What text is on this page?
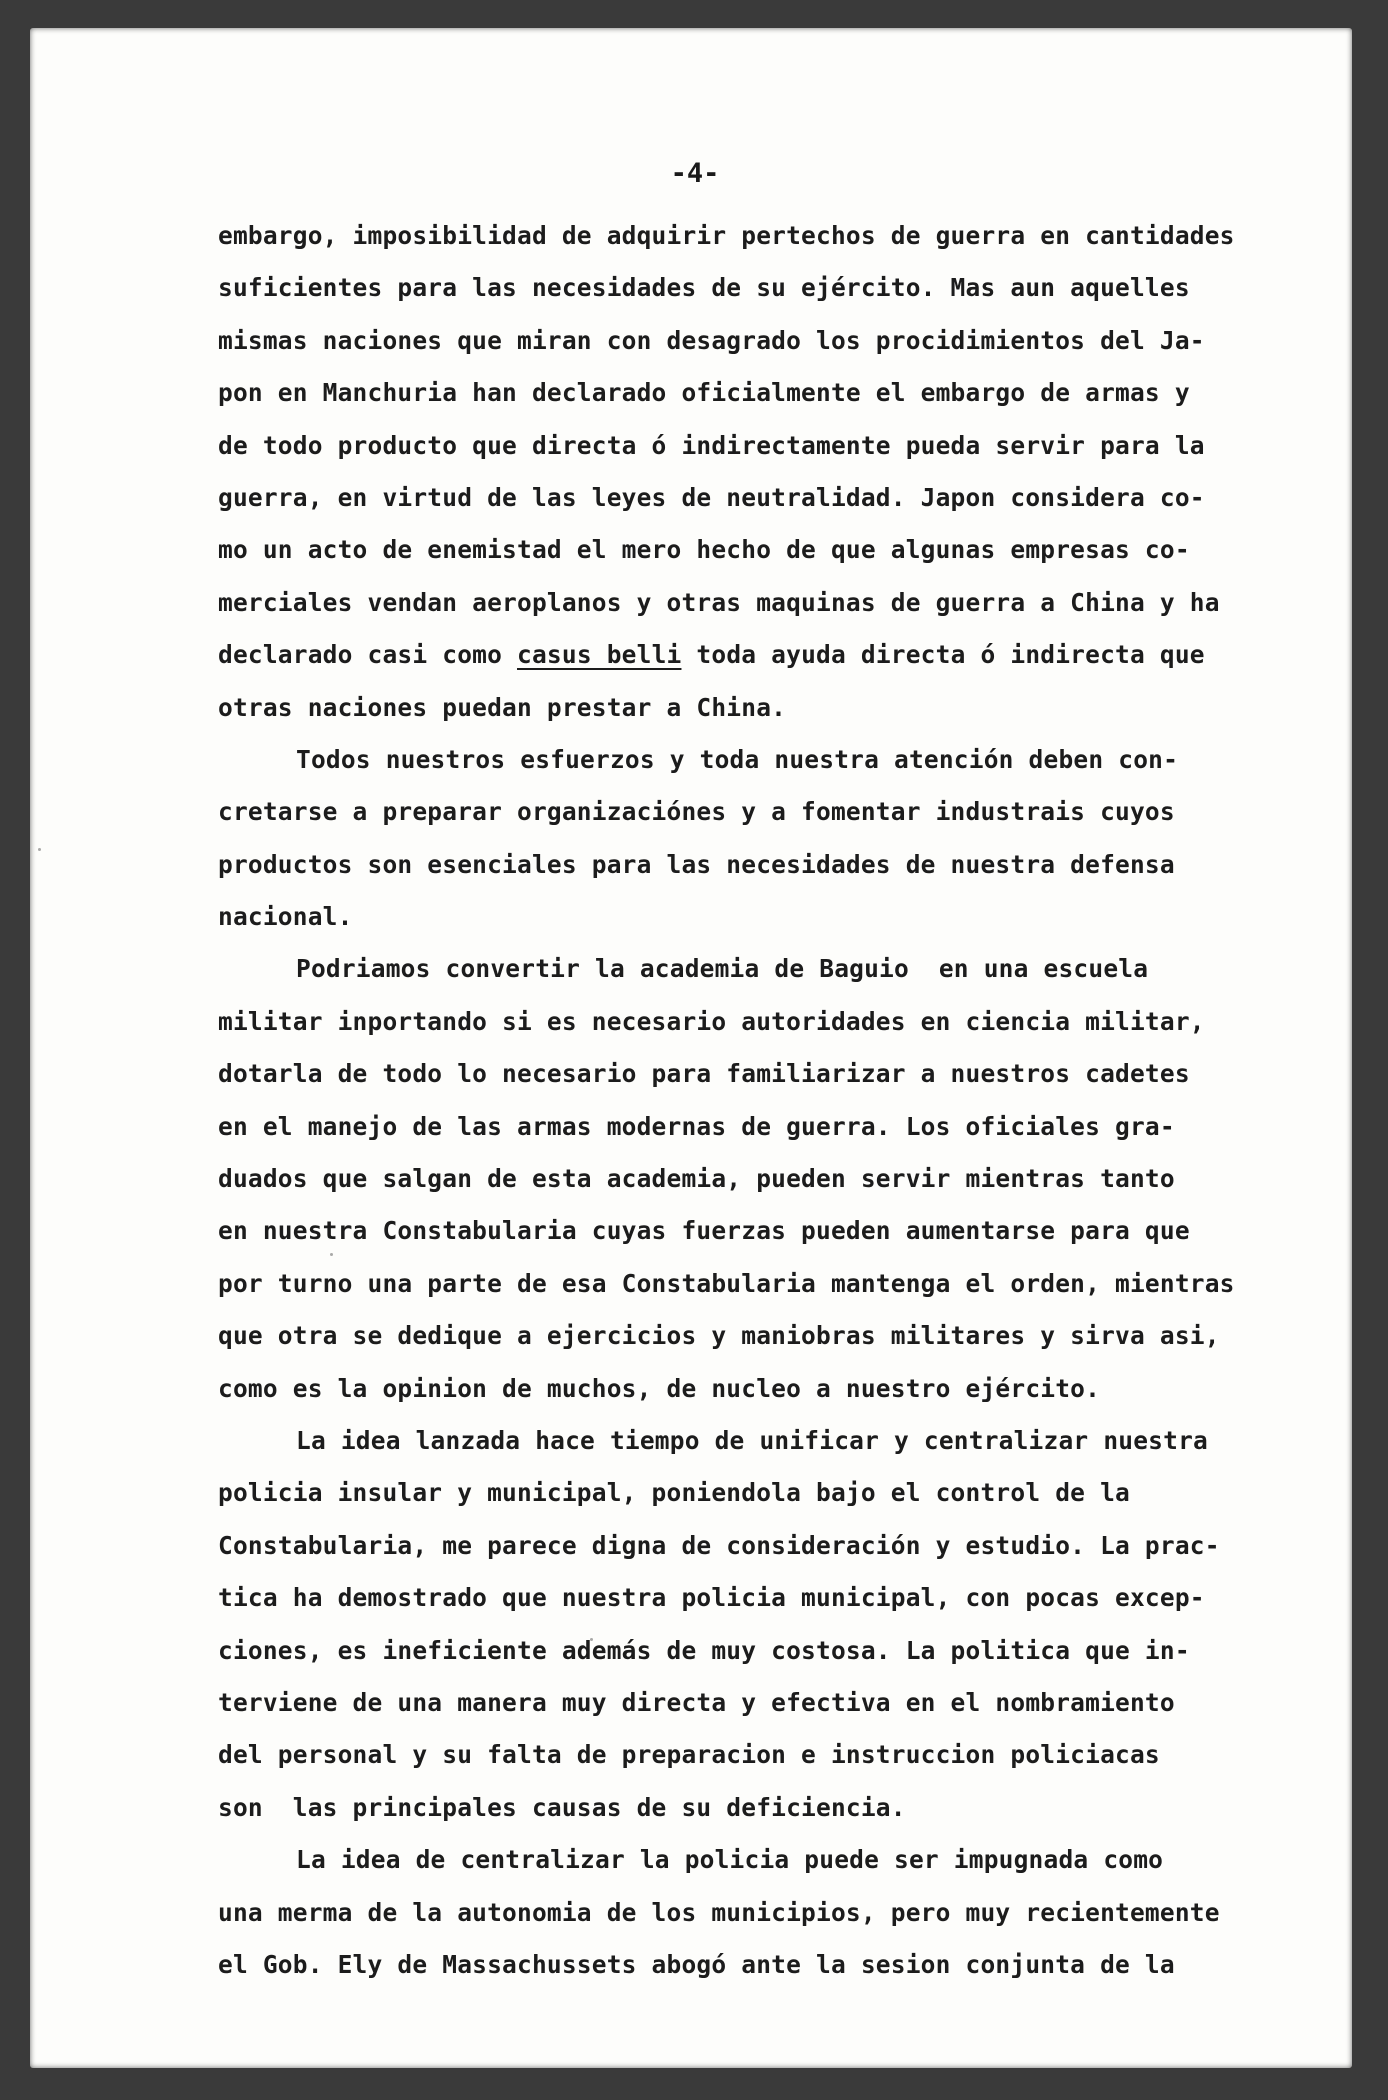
-4-
embargo, imposibilidad de adquirir pertechos de guerra en cantidades
suficientes para las necesidades de su ejército. Mas aun aquelles
mismas naciones que miran con desagrado los procidimientos del Ja-
pon en Manchuria han declarado oficialmente el embargo de armas y
de todo producto que directa ó indirectamente pueda servir para la
guerra, en virtud de las leyes de neutralidad. Japon considera co-
mo un acto de enemistad el mero hecho de que algunas empresas co-
merciales vendan aeroplanos y otras maquinas de guerra a China y ha
declarado casi como casus belli toda ayuda directa ó indirecta que
otras naciones puedan prestar a China.
Todos nuestros esfuerzos y toda nuestra atención deben con-
cretarse a preparar organizaciónes y a fomentar industrais cuyos
productos son esenciales para las necesidades de nuestra defensa
nacional.
Podriamos convertir la academia de Baguio  en una escuela
militar inportando si es necesario autoridades en ciencia militar,
dotarla de todo lo necesario para familiarizar a nuestros cadetes
en el manejo de las armas modernas de guerra. Los oficiales gra-
duados que salgan de esta academia, pueden servir mientras tanto
en nuestra Constabularia cuyas fuerzas pueden aumentarse para que
por turno una parte de esa Constabularia mantenga el orden, mientras
que otra se dedique a ejercicios y maniobras militares y sirva asi,
como es la opinion de muchos, de nucleo a nuestro ejército.
La idea lanzada hace tiempo de unificar y centralizar nuestra
policia insular y municipal, poniendola bajo el control de la
Constabularia, me parece digna de consideración y estudio. La prac-
tica ha demostrado que nuestra policia municipal, con pocas excep-
ciones, es ineficiente además de muy costosa. La politica que in-
terviene de una manera muy directa y efectiva en el nombramiento
del personal y su falta de preparacion e instruccion policiacas
son  las principales causas de su deficiencia.
La idea de centralizar la policia puede ser impugnada como
una merma de la autonomia de los municipios, pero muy recientemente
el Gob. Ely de Massachussets abogó ante la sesion conjunta de la
